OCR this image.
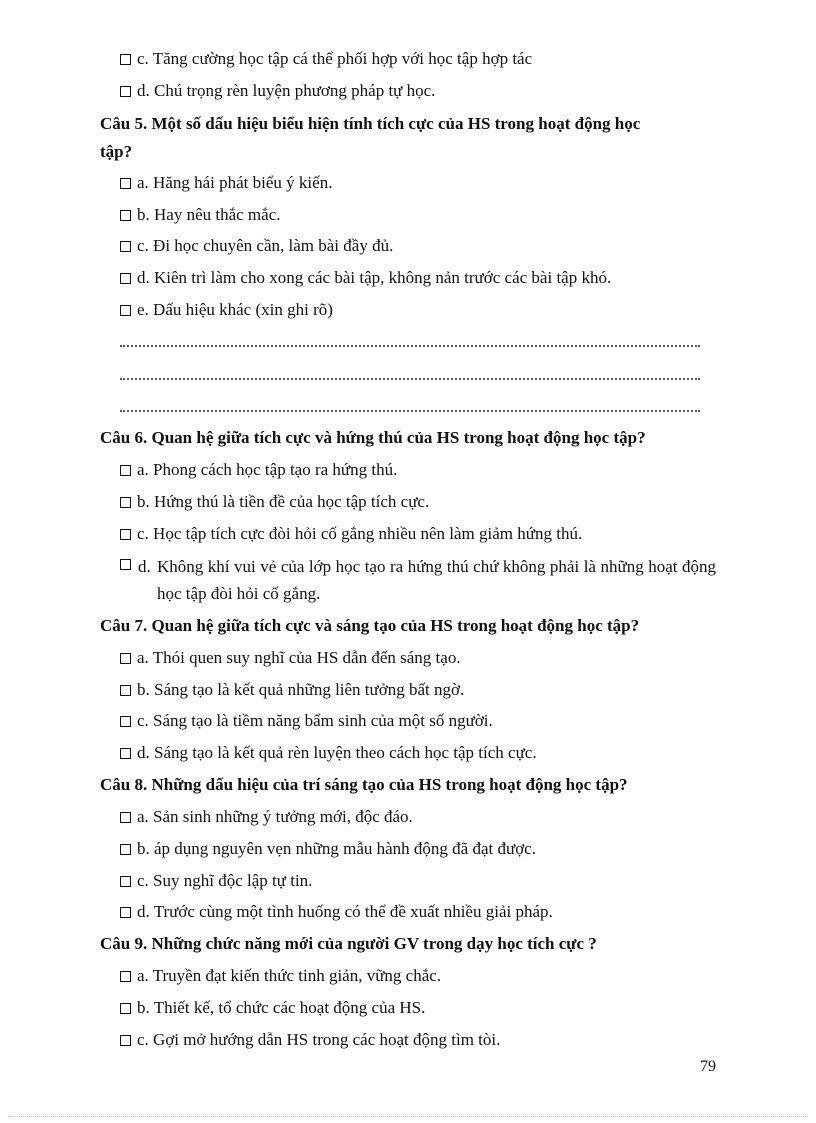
c. Tăng cường học tập cá thể phối hợp với học tập hợp tác
d. Chú trọng rèn luyện phương pháp tự học.
Câu 5. Một số dấu hiệu biểu hiện tính tích cực của HS trong hoạt động học
tập?
a. Hăng hái phát biểu ý kiến.
b. Hay nêu thắc mắc.
c. Đi học chuyên cần, làm bài đầy đủ.
d. Kiên trì làm cho xong các bài tập, không nản trước các bài tập khó.
e. Dấu hiệu khác (xin ghi rõ)
Câu 6. Quan hệ giữa tích cực và hứng thú của HS trong hoạt động học tập?
a. Phong cách học tập tạo ra hứng thú.
b. Hứng thú là tiền đề của học tập tích cực.
c. Học tập tích cực đòi hỏi cố gắng nhiều nên làm giảm hứng thú.
d. Không khí vui vẻ của lớp học tạo ra hứng thú chứ không phải là những hoạt động học tập đòi hỏi cố gắng.
Câu 7. Quan hệ giữa tích cực và sáng tạo của HS trong hoạt động học tập?
a. Thói quen suy nghĩ của HS dẫn đến sáng tạo.
b. Sáng tạo là kết quả những liên tưởng bất ngờ.
c. Sáng tạo là tiềm năng bẩm sinh của một số người.
d. Sáng tạo là kết quả rèn luyện theo cách học tập tích cực.
Câu 8. Những dấu hiệu của trí sáng tạo của HS trong hoạt động học tập?
a. Sản sinh những ý tưởng mới, độc đáo.
b. áp dụng nguyên vẹn những mẫu hành động đã đạt được.
c. Suy nghĩ độc lập tự tin.
d. Trước cùng một tình huống có thể đề xuất nhiều giải pháp.
Câu 9. Những chức năng mới của người GV trong dạy học tích cực ?
a. Truyền đạt kiến thức tinh giản, vững chắc.
b. Thiết kế, tổ chức các hoạt động của HS.
c. Gợi mở hướng dẫn HS trong các hoạt động tìm tòi.
79
